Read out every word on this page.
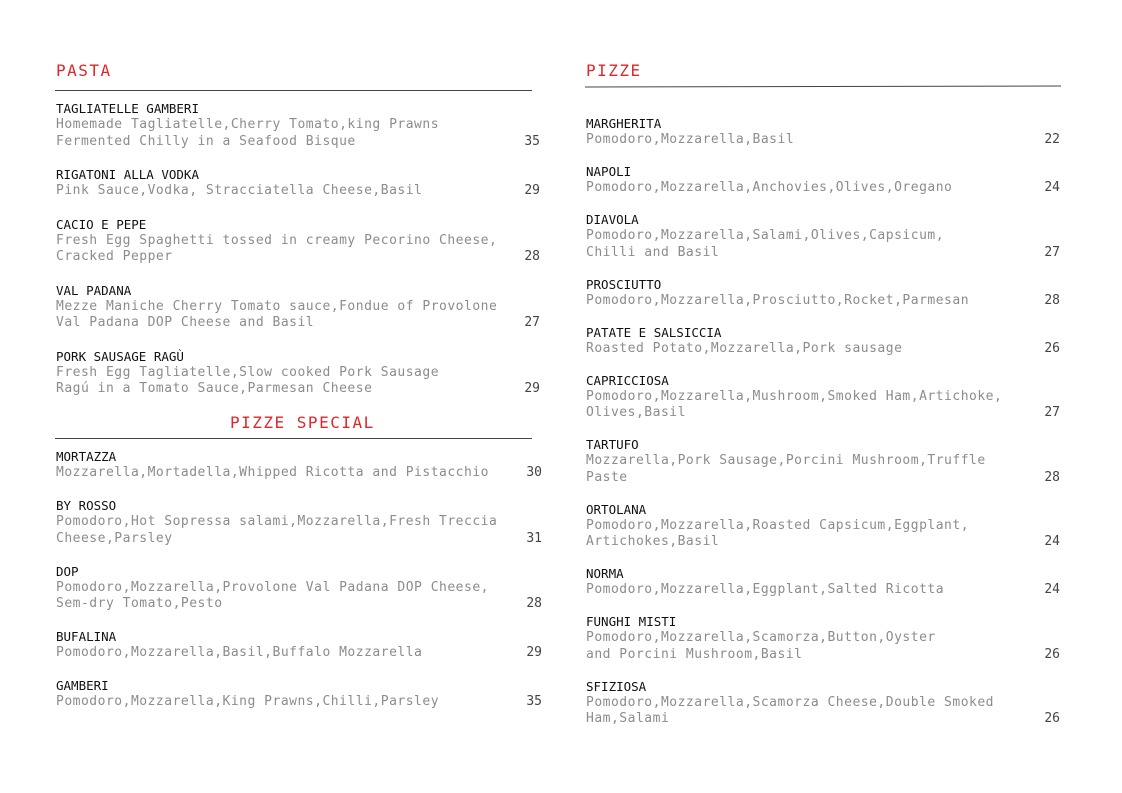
PASTA
TAGLIATELLE GAMBERI
Homemade Tagliatelle,Cherry Tomato,king Prawns
Fermented Chilly in a Seafood Bisque	35
RIGATONI ALLA VODKA
Pink Sauce,Vodka, Stracciatella Cheese,Basil	29
CACIO E PEPE
Fresh Egg Spaghetti tossed in creamy Pecorino Cheese,
Cracked Pepper	28
VAL PADANA
Mezze Maniche Cherry Tomato sauce,Fondue of Provolone
Val Padana DOP Cheese and Basil	27
PORK SAUSAGE RAGÙ
Fresh Egg Tagliatelle,Slow cooked Pork Sausage
Ragú in a Tomato Sauce,Parmesan Cheese	29
PIZZE SPECIAL
MORTAZZA
Mozzarella,Mortadella,Whipped Ricotta and Pistacchio	30
BY ROSSO
Pomodoro,Hot Sopressa salami,Mozzarella,Fresh Treccia
Cheese,Parsley	31
DOP
Pomodoro,Mozzarella,Provolone Val Padana DOP Cheese,
Sem-dry Tomato,Pesto	28
BUFALINA
Pomodoro,Mozzarella,Basil,Buffalo Mozzarella	29
GAMBERI
Pomodoro,Mozzarella,King Prawns,Chilli,Parsley	35
PIZZE
MARGHERITA
Pomodoro,Mozzarella,Basil	22
NAPOLI
Pomodoro,Mozzarella,Anchovies,Olives,Oregano	24
DIAVOLA
Pomodoro,Mozzarella,Salami,Olives,Capsicum,
Chilli and Basil	27
PROSCIUTTO
Pomodoro,Mozzarella,Prosciutto,Rocket,Parmesan	28
PATATE E SALSICCIA
Roasted Potato,Mozzarella,Pork sausage	26
CAPRICCIOSA
Pomodoro,Mozzarella,Mushroom,Smoked Ham,Artichoke,
Olives,Basil	27
TARTUFO
Mozzarella,Pork Sausage,Porcini Mushroom,Truffle
Paste	28
ORTOLANA
Pomodoro,Mozzarella,Roasted Capsicum,Eggplant,
Artichokes,Basil	24
NORMA
Pomodoro,Mozzarella,Eggplant,Salted Ricotta	24
FUNGHI MISTI
Pomodoro,Mozzarella,Scamorza,Button,Oyster
and Porcini Mushroom,Basil	26
SFIZIOSA
Pomodoro,Mozzarella,Scamorza Cheese,Double Smoked
Ham,Salami	26
